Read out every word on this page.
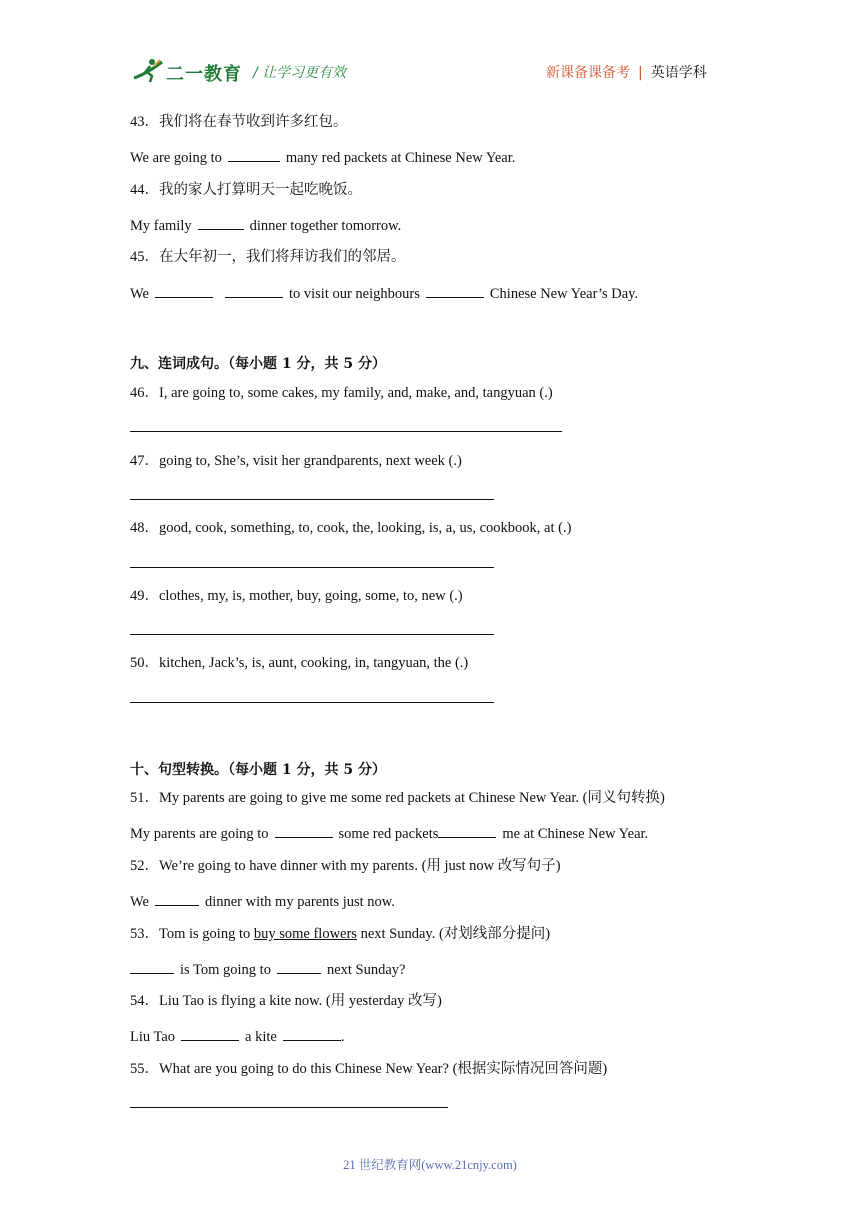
二一教育 / 让学习更有效	新课备课备考 | 英语学科
43．我们将在春节收到许多红包。
We are going to	many red packets at Chinese New Year.
44．我的家人打算明天一起吃晚饭。
My family	dinner together tomorrow.
45．在大年初一，我们将拜访我们的邻居。
We	to visit our neighbours	Chinese New Year’s Day.
九、连词成句。（每小题 1 分，共 5 分）
46．I, are going to, some cakes, my family, and, make, and, tangyuan (.)
47．going to, She’s, visit her grandparents, next week (.)
48．good, cook, something, to, cook, the, looking, is, a, us, cookbook, at (.)
49．clothes, my, is, mother, buy, going, some, to, new (.)
50．kitchen, Jack’s, is, aunt, cooking, in, tangyuan, the (.)
十、句型转换。（每小题 1 分，共 5 分）
51．My parents are going to give me some red packets at Chinese New Year. (同义句转换)
My parents are going to	some red packets	me at Chinese New Year.
52．We’re going to have dinner with my parents. (用 just now 改写句子)
We	dinner with my parents just now.
53．Tom is going to buy some flowers next Sunday. (对划线部分提问)
is Tom going to	next Sunday?
54．Liu Tao is flying a kite now. (用 yesterday 改写)
Liu Tao	a kite	.
55．What are you going to do this Chinese New Year? (根据实际情况回答问题)
21 世纪教育网(www.21cnjy.com)
